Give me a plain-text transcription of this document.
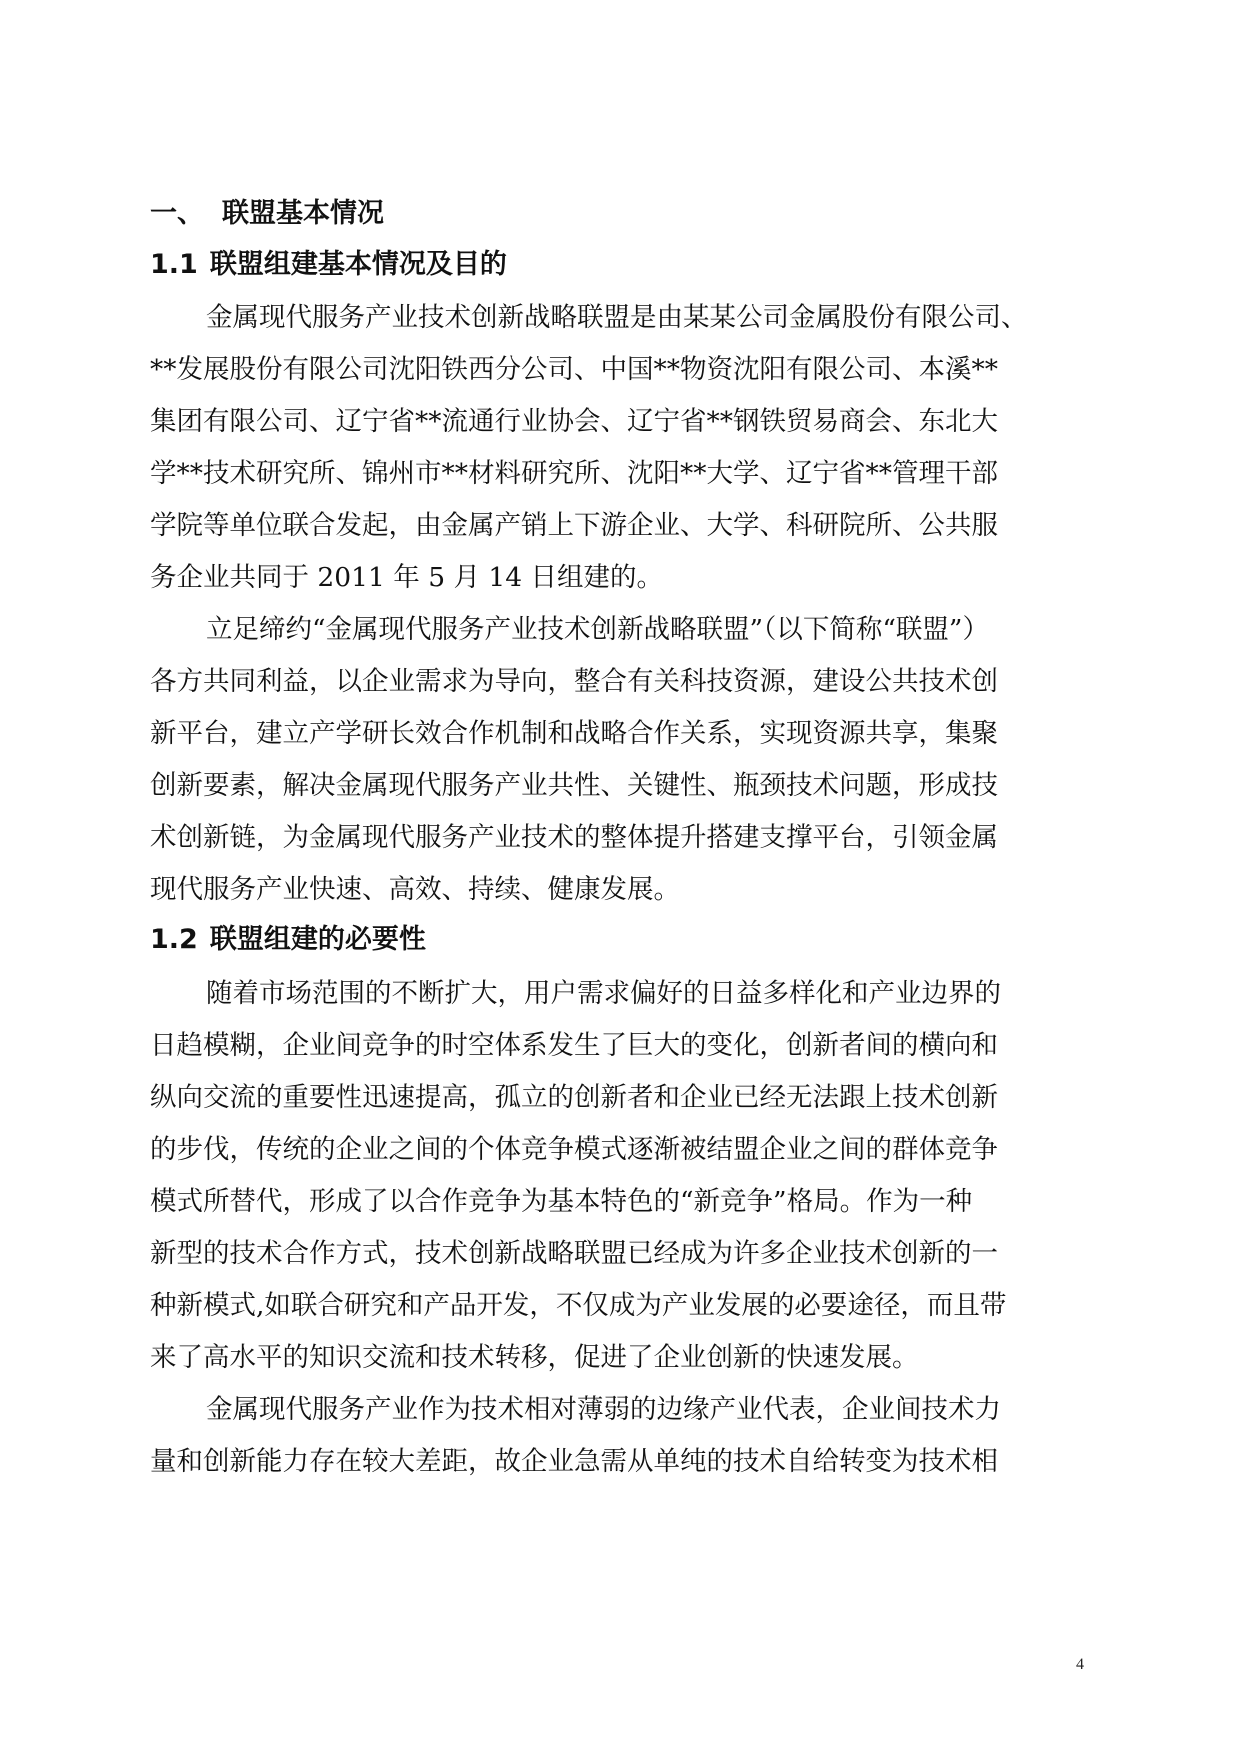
一、 联盟基本情况
1.1 联盟组建基本情况及目的
金属现代服务产业技术创新战略联盟是由某某公司金属股份有限公司、
**发展股份有限公司沈阳铁西分公司、中国**物资沈阳有限公司、本溪**
集团有限公司、辽宁省**流通行业协会、辽宁省**钢铁贸易商会、东北大
学**技术研究所、锦州市**材料研究所、沈阳**大学、辽宁省**管理干部
学院等单位联合发起，由金属产销上下游企业、大学、科研院所、公共服
务企业共同于 2011 年 5 月 14 日组建的。
立足缔约“金属现代服务产业技术创新战略联盟”（以下简称“联盟”）
各方共同利益，以企业需求为导向，整合有关科技资源，建设公共技术创
新平台，建立产学研长效合作机制和战略合作关系，实现资源共享，集聚
创新要素，解决金属现代服务产业共性、关键性、瓶颈技术问题，形成技
术创新链，为金属现代服务产业技术的整体提升搭建支撑平台，引领金属
现代服务产业快速、高效、持续、健康发展。
1.2 联盟组建的必要性
随着市场范围的不断扩大，用户需求偏好的日益多样化和产业边界的
日趋模糊，企业间竞争的时空体系发生了巨大的变化，创新者间的横向和
纵向交流的重要性迅速提高，孤立的创新者和企业已经无法跟上技术创新
的步伐，传统的企业之间的个体竞争模式逐渐被结盟企业之间的群体竞争
模式所替代，形成了以合作竞争为基本特色的“新竞争”格局。作为一种
新型的技术合作方式，技术创新战略联盟已经成为许多企业技术创新的一
种新模式,如联合研究和产品开发，不仅成为产业发展的必要途径，而且带
来了高水平的知识交流和技术转移，促进了企业创新的快速发展。
金属现代服务产业作为技术相对薄弱的边缘产业代表，企业间技术力
量和创新能力存在较大差距，故企业急需从单纯的技术自给转变为技术相
4
